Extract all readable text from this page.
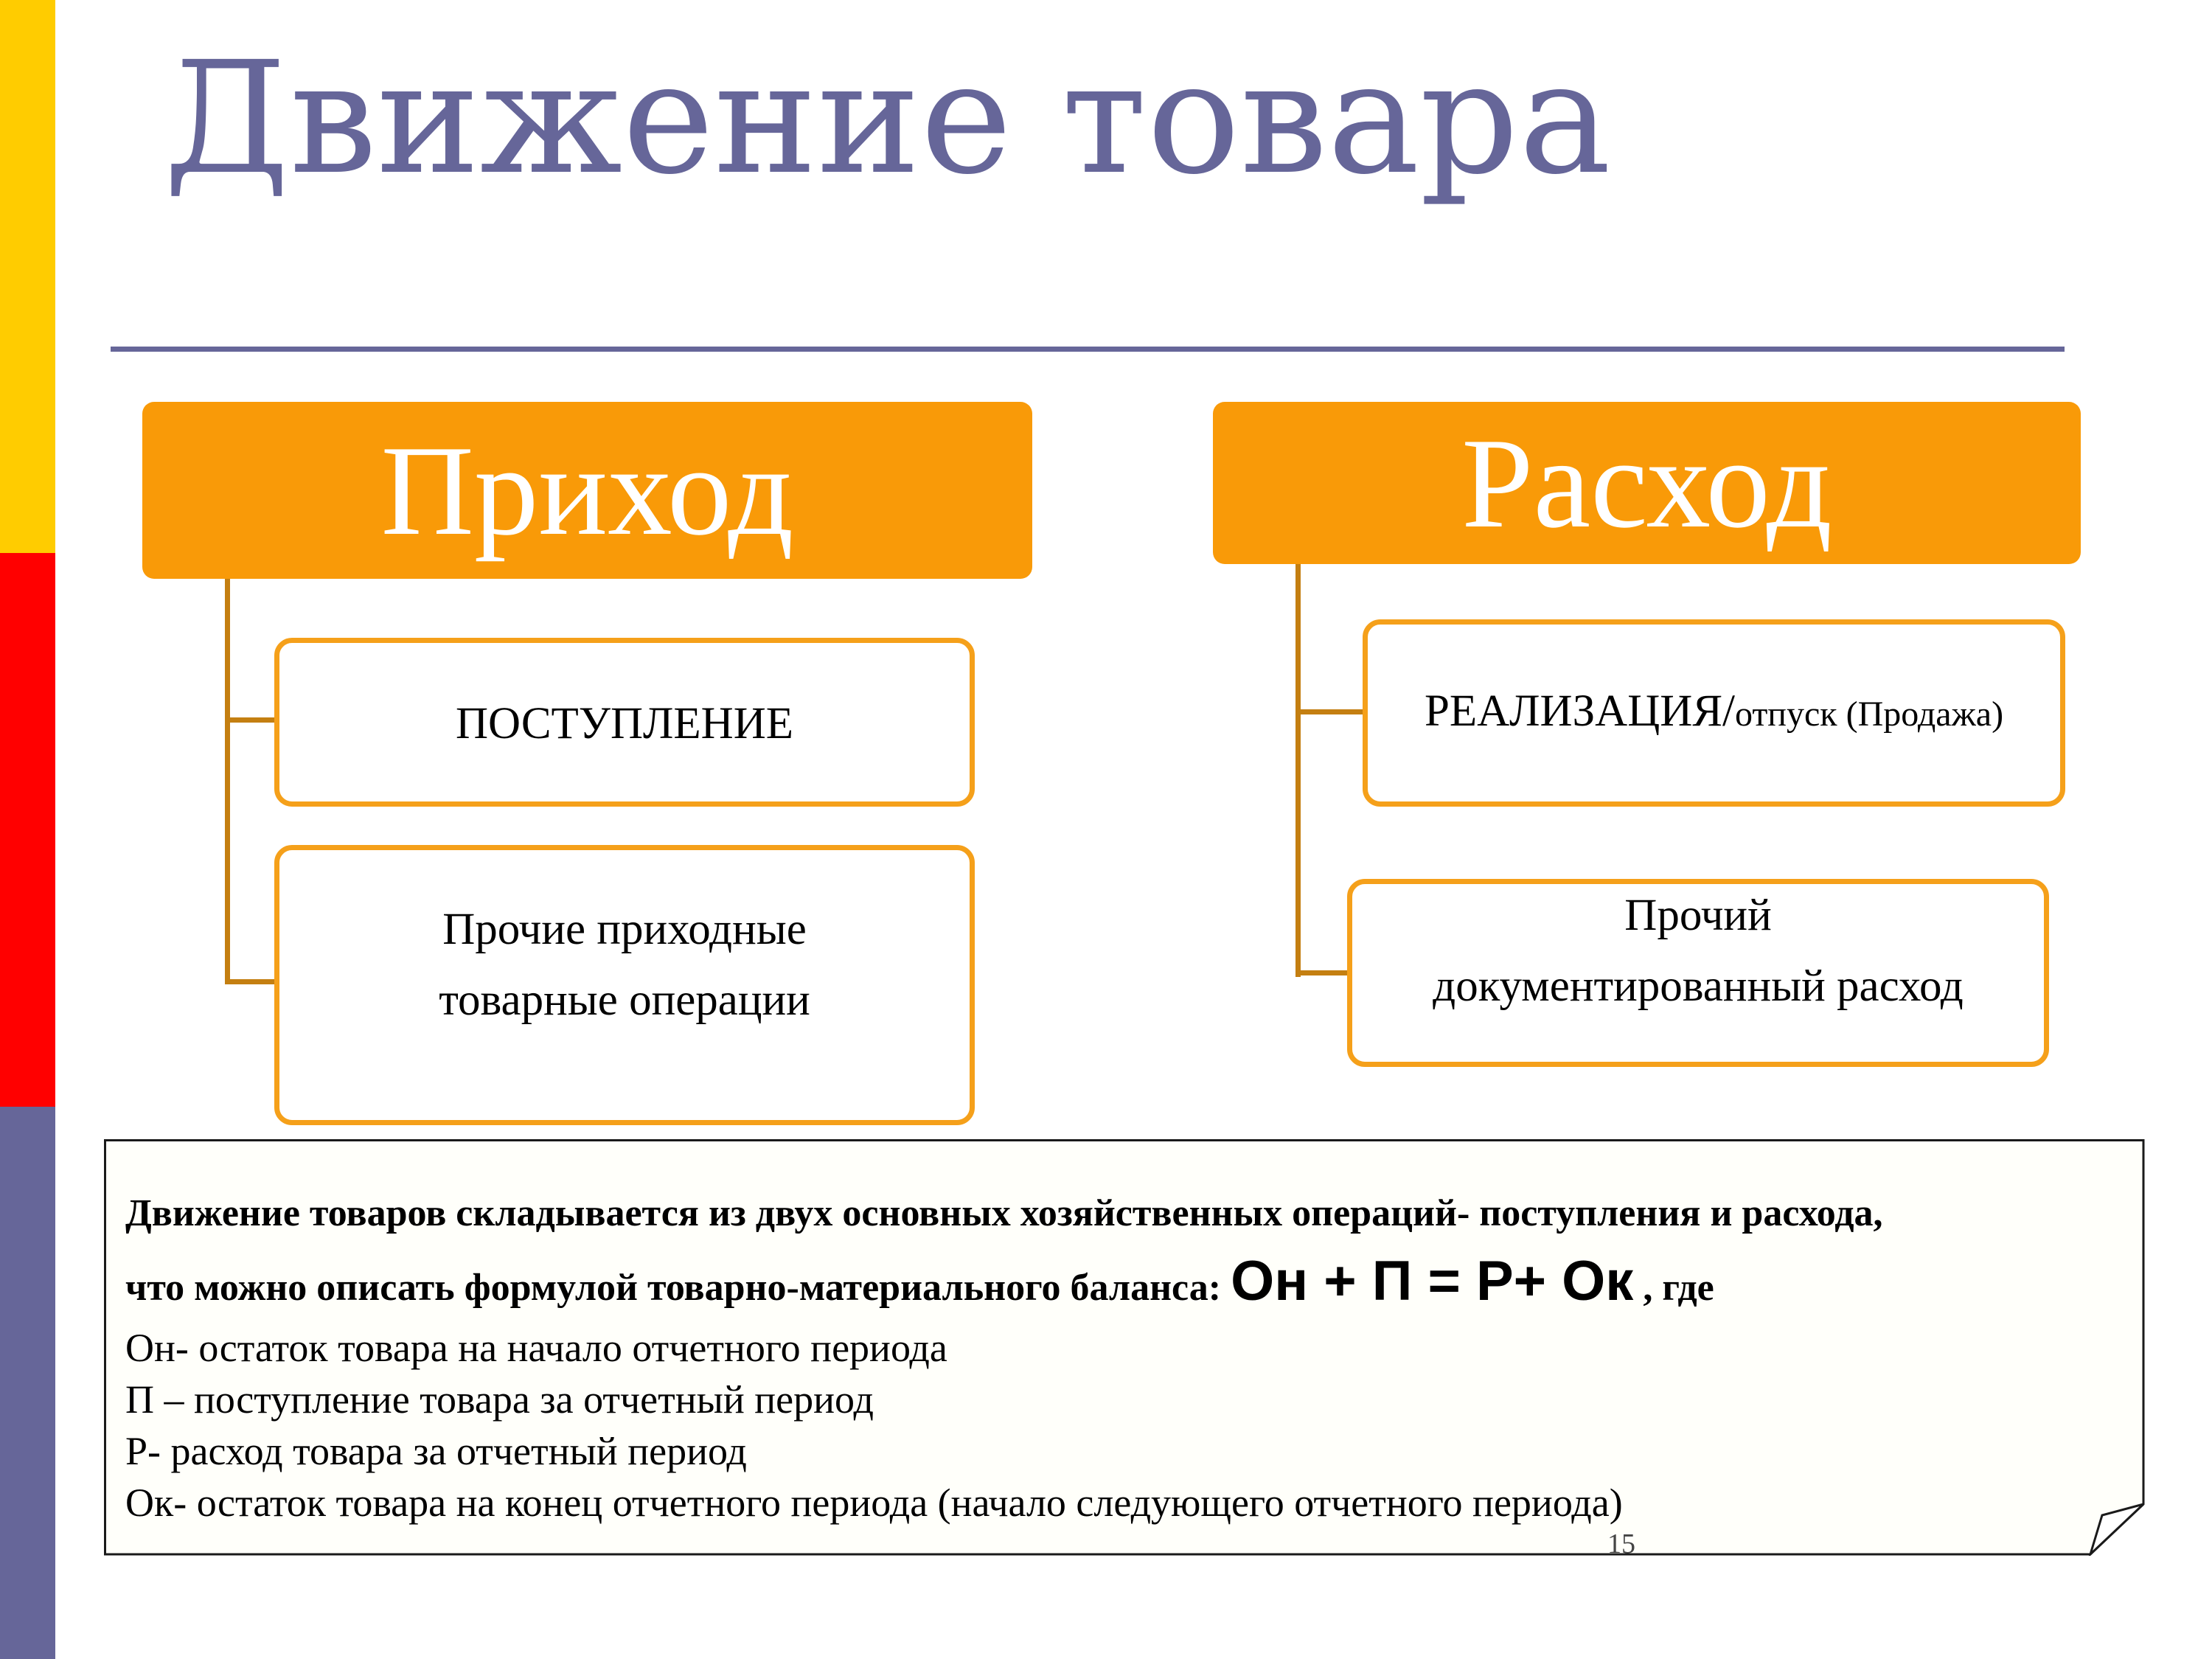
Движение товара
Приход
ПОСТУПЛЕНИЕ
Прочие приходные
товарные операции
Расход
РЕАЛИЗАЦИЯ/отпуск (Продажа)
Прочий
документированный расход
Движение товаров складывается из двух основных хозяйственных операций- поступления и расхода,
что можно описать формулой товарно-материального баланса: Он + П = Р+ Ок , где
Он- остаток товара на начало отчетного периода
П – поступление товара за отчетный период
Р- расход товара за отчетный период
Ок- остаток товара на конец отчетного периода (начало следующего отчетного периода)
15
